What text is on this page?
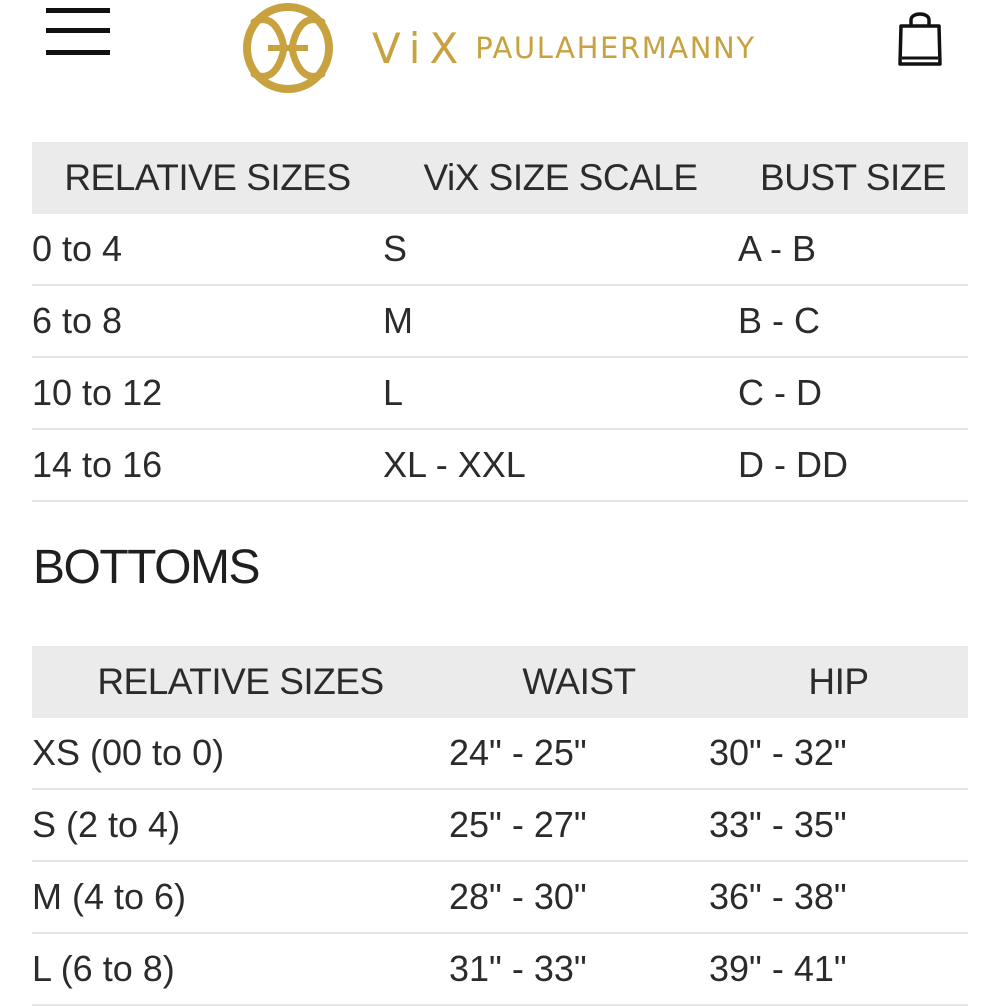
ViX PAULAHERMANNY
RELATIVE SIZES	ViX SIZE SCALE	BUST SIZE
0 to 4	S	A - B
6 to 8	M	B - C
10 to 12	L	C - D
14 to 16	XL - XXL	D - DD
BOTTOMS
RELATIVE SIZES	WAIST	HIP
XS (00 to 0)	24" - 25"	30" - 32"
S (2 to 4)	25" - 27"	33" - 35"
M (4 to 6)	28" - 30"	36" - 38"
L (6 to 8)	31" - 33"	39" - 41"
